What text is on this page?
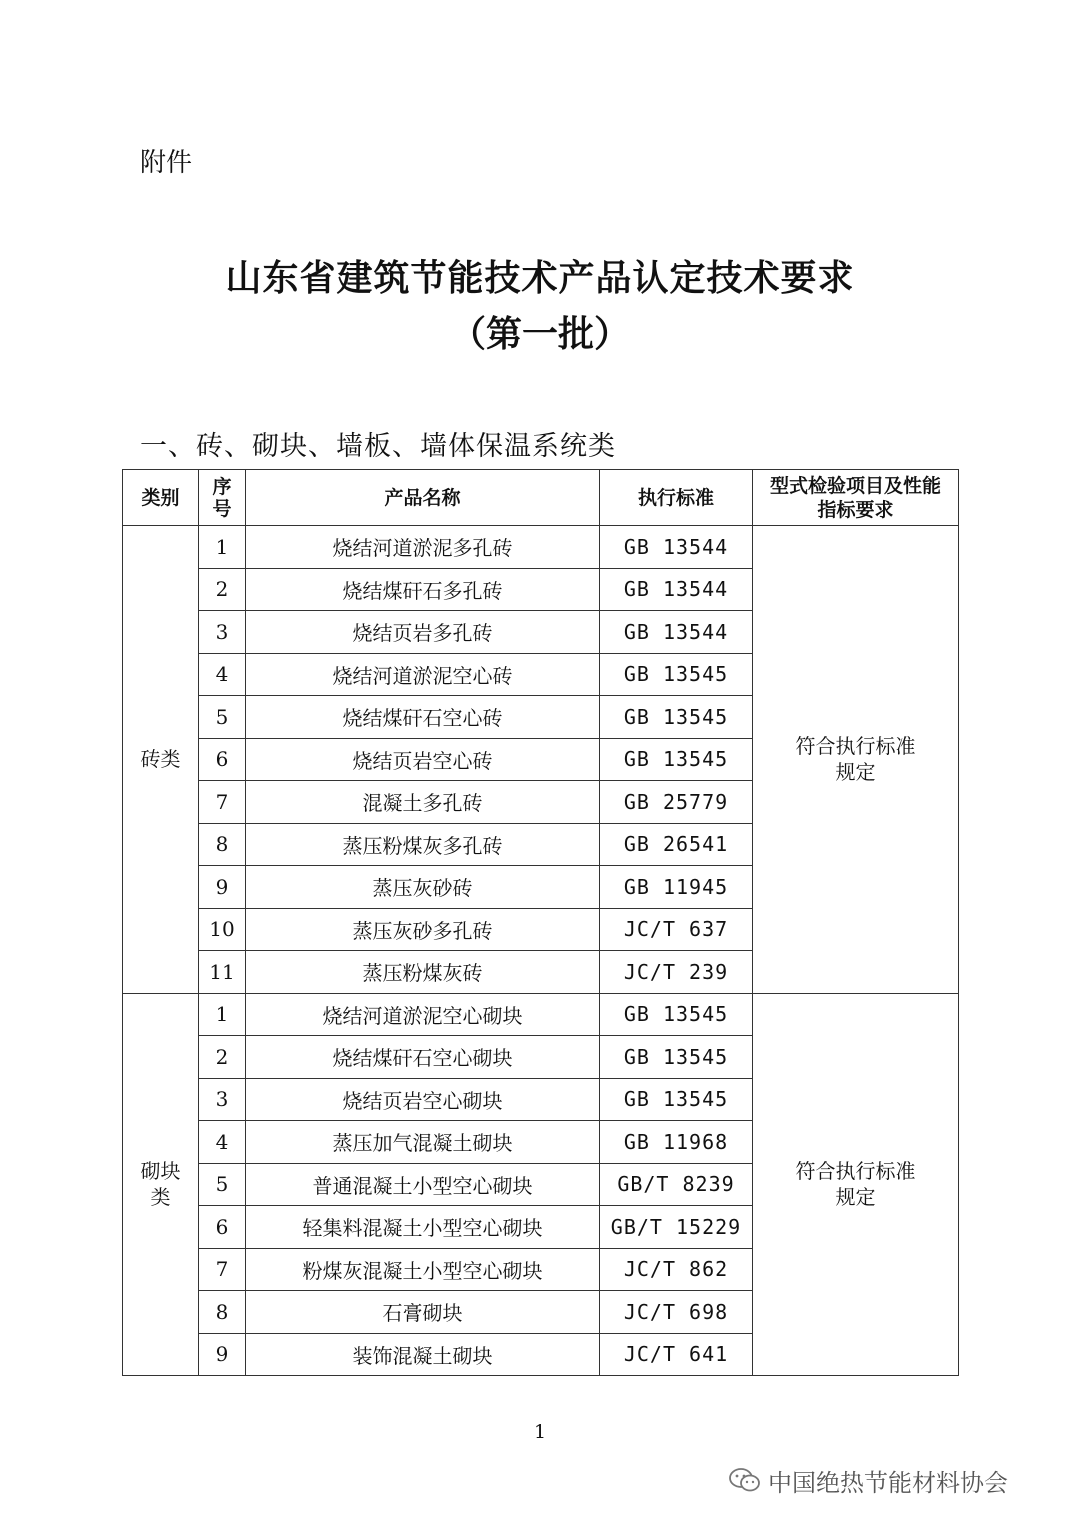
附件
山东省建筑节能技术产品认定技术要求
（第一批）
一、砖、砌块、墙板、墙体保温系统类
类别	序号	产品名称	执行标准	型式检验项目及性能指标要求

砖类	1	烧结河道淤泥多孔砖	GB 13544	符合执行标准规定

	2	烧结煤矸石多孔砖	GB 13544	
	3	烧结页岩多孔砖	GB 13544	
	4	烧结河道淤泥空心砖	GB 13545	
	5	烧结煤矸石空心砖	GB 13545	
	6	烧结页岩空心砖	GB 13545	
	7	混凝土多孔砖	GB 25779	
	8	蒸压粉煤灰多孔砖	GB 26541	
	9	蒸压灰砂砖	GB 11945	
	10	蒸压灰砂多孔砖	JC/T 637	
	11	蒸压粉煤灰砖	JC/T 239	

砌块类	1	烧结河道淤泥空心砌块	GB 13545	符合执行标准规定

	2	烧结煤矸石空心砌块	GB 13545	
	3	烧结页岩空心砌块	GB 13545	
	4	蒸压加气混凝土砌块	GB 11968	
	5	普通混凝土小型空心砌块	GB/T 8239	
	6	轻集料混凝土小型空心砌块	GB/T 15229	
	7	粉煤灰混凝土小型空心砌块	JC/T 862	
	8	石膏砌块	JC/T 698	
	9	装饰混凝土砌块	JC/T 641	
1
中国绝热节能材料协会
